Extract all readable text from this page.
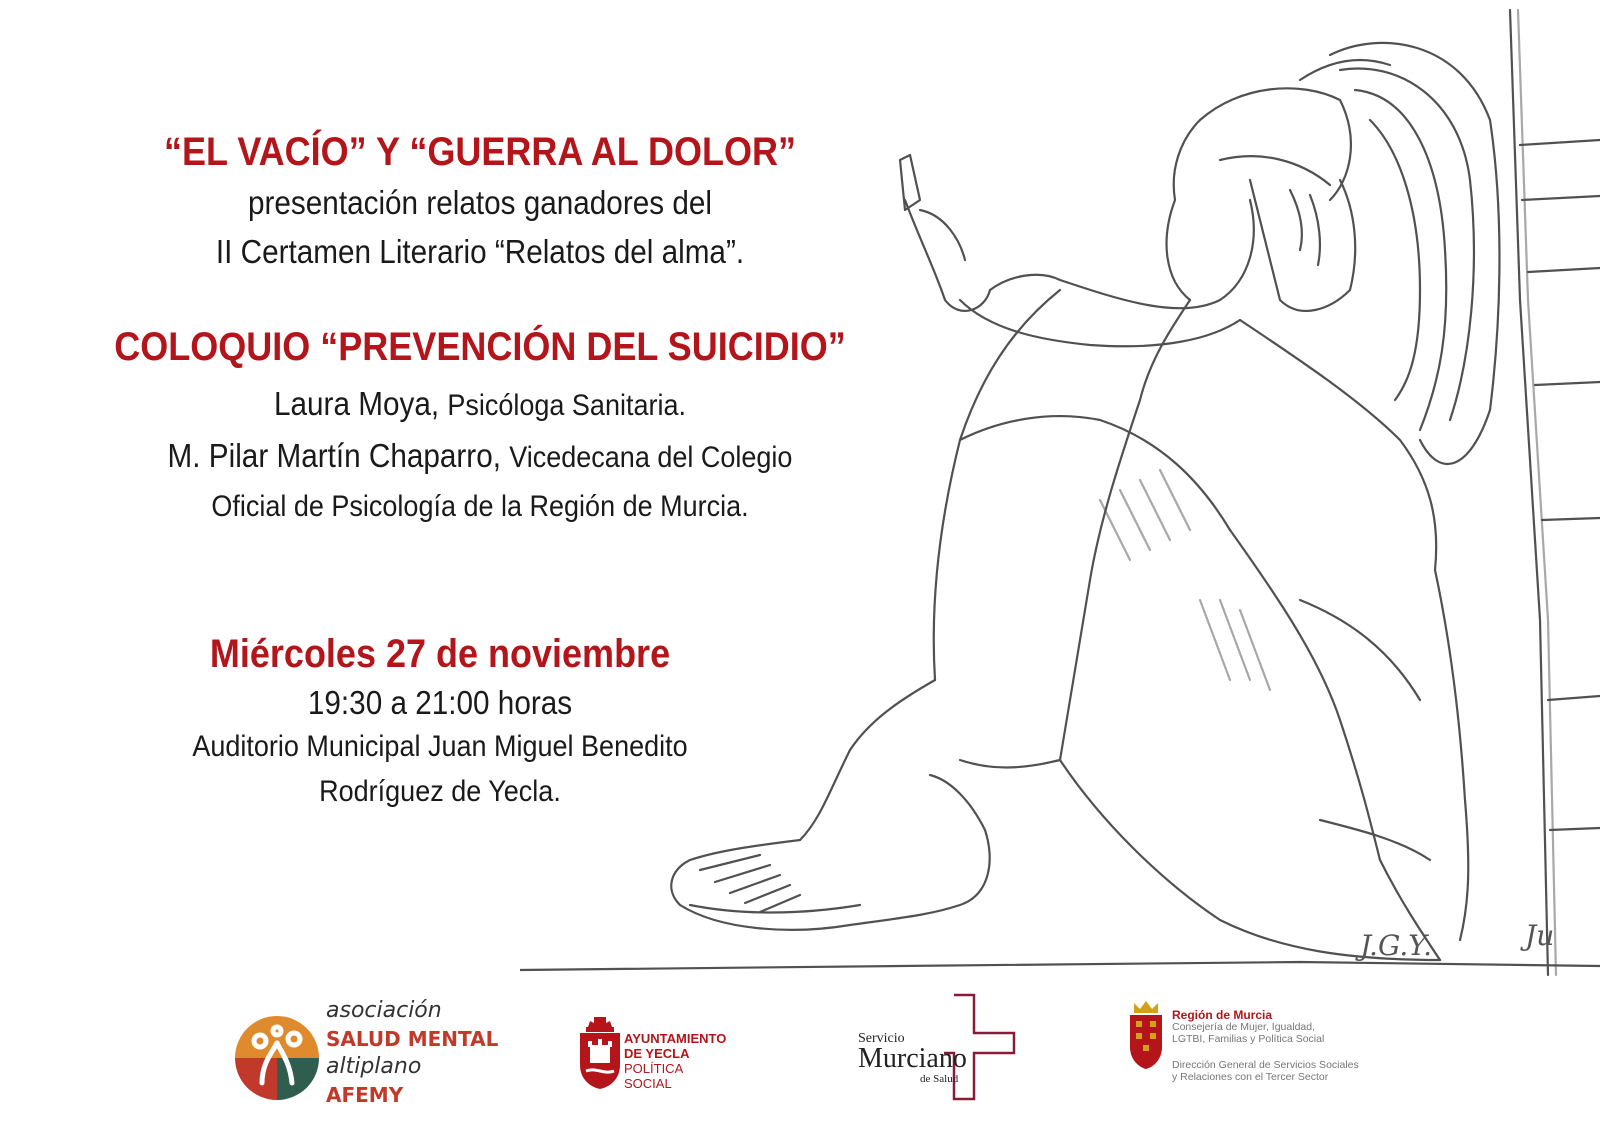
J.G.Y.	Ju
“EL VACÍO” Y “GUERRA AL DOLOR”
presentación relatos ganadores del
II Certamen Literario “Relatos del alma”.
COLOQUIO “PREVENCIÓN DEL SUICIDIO”
Laura Moya, Psicóloga Sanitaria.
M. Pilar Martín Chaparro, Vicedecana del Colegio
Oficial de Psicología de la Región de Murcia.
Miércoles 27 de noviembre
19:30 a 21:00 horas
Auditorio Municipal Juan Miguel Benedito
Rodríguez de Yecla.
asociación
SALUD MENTAL
altiplano
AFEMY
AYUNTAMIENTO
DE YECLA
POLÍTICA
SOCIAL
Servicio
Murciano
de Salud
Región de Murcia
Consejería de Mujer, Igualdad,
LGTBI, Familias y Política Social
Dirección General de Servicios Sociales
y Relaciones con el Tercer Sector
